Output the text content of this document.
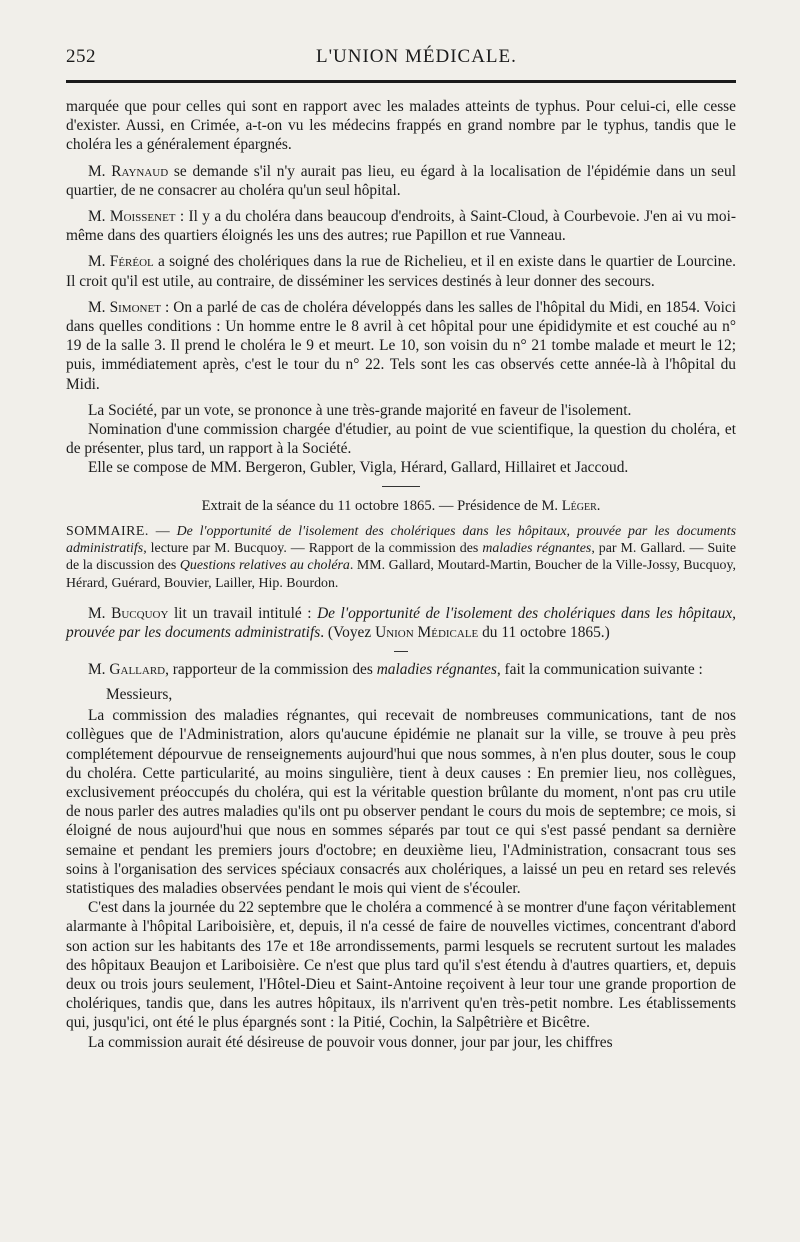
252	L'UNION MÉDICALE.

marquée que pour celles qui sont en rapport avec les malades atteints de typhus. Pour celui-ci, elle cesse d'exister. Aussi, en Crimée, a-t-on vu les médecins frappés en grand nombre par le typhus, tandis que le choléra les a généralement épargnés.

M. Raynaud se demande s'il n'y aurait pas lieu, eu égard à la localisation de l'épidémie dans un seul quartier, de ne consacrer au choléra qu'un seul hôpital.

M. Moissenet : Il y a du choléra dans beaucoup d'endroits, à Saint-Cloud, à Courbevoie. J'en ai vu moi-même dans des quartiers éloignés les uns des autres; rue Papillon et rue Vanneau.

M. Féréol a soigné des cholériques dans la rue de Richelieu, et il en existe dans le quartier de Lourcine. Il croit qu'il est utile, au contraire, de disséminer les services destinés à leur donner des secours.

M. Simonet : On a parlé de cas de choléra développés dans les salles de l'hôpital du Midi, en 1854. Voici dans quelles conditions : Un homme entre le 8 avril à cet hôpital pour une épididymite et est couché au n° 19 de la salle 3. Il prend le choléra le 9 et meurt. Le 10, son voisin du n° 21 tombe malade et meurt le 12; puis, immédiatement après, c'est le tour du n° 22. Tels sont les cas observés cette année-là à l'hôpital du Midi.

La Société, par un vote, se prononce à une très-grande majorité en faveur de l'isolement.

Nomination d'une commission chargée d'étudier, au point de vue scientifique, la question du choléra, et de présenter, plus tard, un rapport à la Société.

Elle se compose de MM. Bergeron, Gubler, Vigla, Hérard, Gallard, Hillairet et Jaccoud.

Extrait de la séance du 11 octobre 1865. — Présidence de M. Léger.

SOMMAIRE. — De l'opportunité de l'isolement des cholériques dans les hôpitaux, prouvée par les documents administratifs, lecture par M. Bucquoy. — Rapport de la commission des maladies régnantes, par M. Gallard. — Suite de la discussion des Questions relatives au choléra. MM. Gallard, Moutard-Martin, Boucher de la Ville-Jossy, Bucquoy, Hérard, Guérard, Bouvier, Lailler, Hip. Bourdon.

M. Bucquoy lit un travail intitulé : De l'opportunité de l'isolement des cholériques dans les hôpitaux, prouvée par les documents administratifs. (Voyez Union Médicale du 11 octobre 1865.)

M. Gallard, rapporteur de la commission des maladies régnantes, fait la communication suivante :

Messieurs,

La commission des maladies régnantes, qui recevait de nombreuses communications, tant de nos collègues que de l'Administration, alors qu'aucune épidémie ne planait sur la ville, se trouve à peu près complétement dépourvue de renseignements aujourd'hui que nous sommes, à n'en plus douter, sous le coup du choléra. Cette particularité, au moins singulière, tient à deux causes : En premier lieu, nos collègues, exclusivement préoccupés du choléra, qui est la véritable question brûlante du moment, n'ont pas cru utile de nous parler des autres maladies qu'ils ont pu observer pendant le cours du mois de septembre; ce mois, si éloigné de nous aujourd'hui que nous en sommes séparés par tout ce qui s'est passé pendant sa dernière semaine et pendant les premiers jours d'octobre; en deuxième lieu, l'Administration, consacrant tous ses soins à l'organisation des services spéciaux consacrés aux cholériques, a laissé un peu en retard ses relevés statistiques des maladies observées pendant le mois qui vient de s'écouler.

C'est dans la journée du 22 septembre que le choléra a commencé à se montrer d'une façon véritablement alarmante à l'hôpital Lariboisière, et, depuis, il n'a cessé de faire de nouvelles victimes, concentrant d'abord son action sur les habitants des 17e et 18e arrondissements, parmi lesquels se recrutent surtout les malades des hôpitaux Beaujon et Lariboisière. Ce n'est que plus tard qu'il s'est étendu à d'autres quartiers, et, depuis deux ou trois jours seulement, l'Hôtel-Dieu et Saint-Antoine reçoivent à leur tour une grande proportion de cholériques, tandis que, dans les autres hôpitaux, ils n'arrivent qu'en très-petit nombre. Les établissements qui, jusqu'ici, ont été le plus épargnés sont : la Pitié, Cochin, la Salpêtrière et Bicêtre.

La commission aurait été désireuse de pouvoir vous donner, jour par jour, les chiffres
